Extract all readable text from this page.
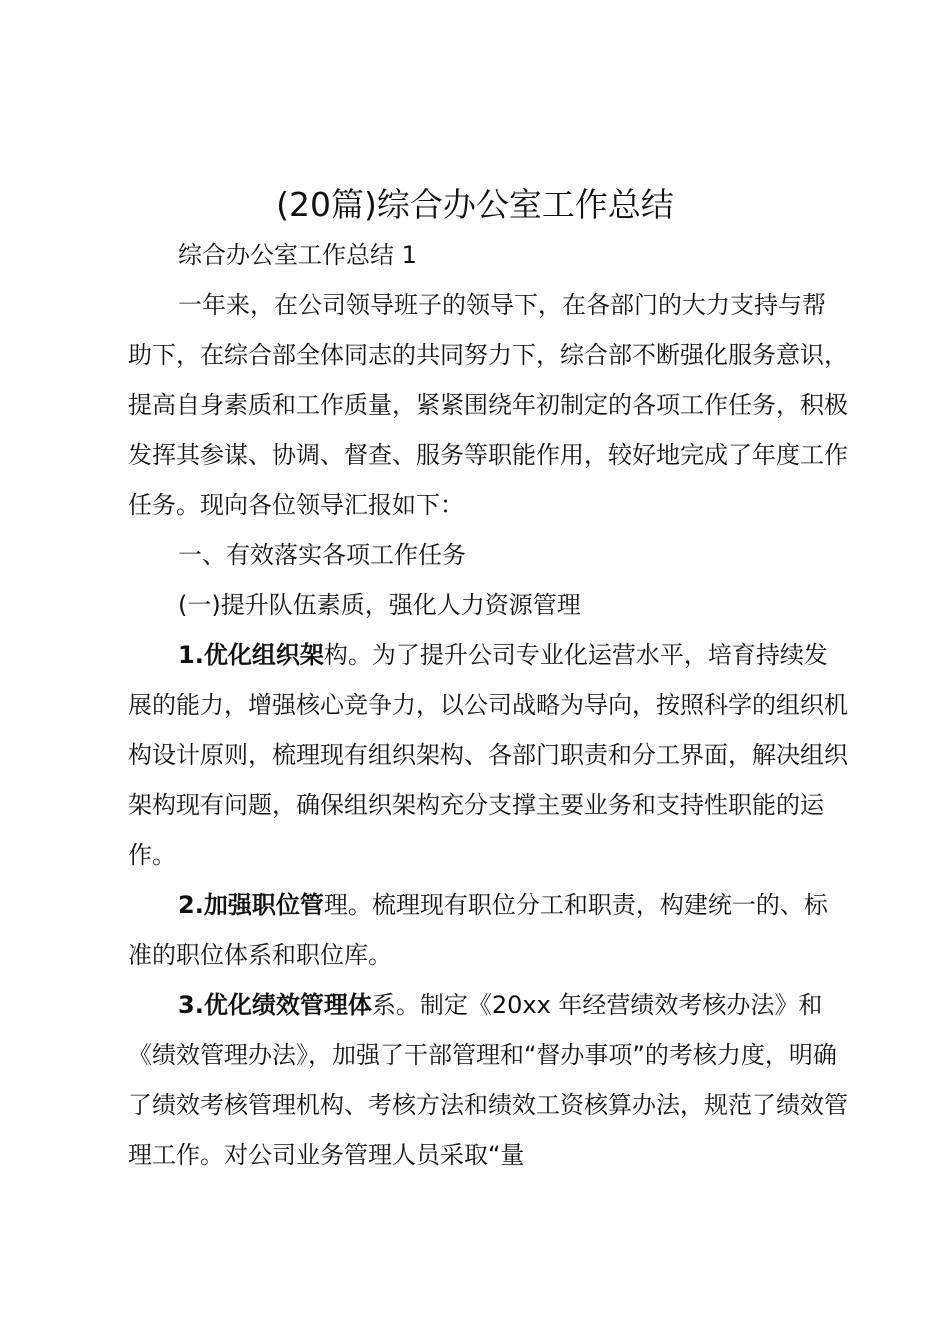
(20篇)综合办公室工作总结

综合办公室工作总结 1

一年来，在公司领导班子的领导下，在各部门的大力支持与帮助下，在综合部全体同志的共同努力下，综合部不断强化服务意识，提高自身素质和工作质量，紧紧围绕年初制定的各项工作任务，积极发挥其参谋、协调、督查、服务等职能作用，较好地完成了年度工作任务。现向各位领导汇报如下：

一、有效落实各项工作任务

(一)提升队伍素质，强化人力资源管理

1.优化组织架构。为了提升公司专业化运营水平，培育持续发展的能力，增强核心竞争力，以公司战略为导向，按照科学的组织机构设计原则，梳理现有组织架构、各部门职责和分工界面，解决组织架构现有问题，确保组织架构充分支撑主要业务和支持性职能的运作。

2.加强职位管理。梳理现有职位分工和职责，构建统一的、标准的职位体系和职位库。

3.优化绩效管理体系。制定《20xx 年经营绩效考核办法》和《绩效管理办法》，加强了干部管理和“督办事项”的考核力度，明确了绩效考核管理机构、考核方法和绩效工资核算办法，规范了绩效管理工作。对公司业务管理人员采取“量
